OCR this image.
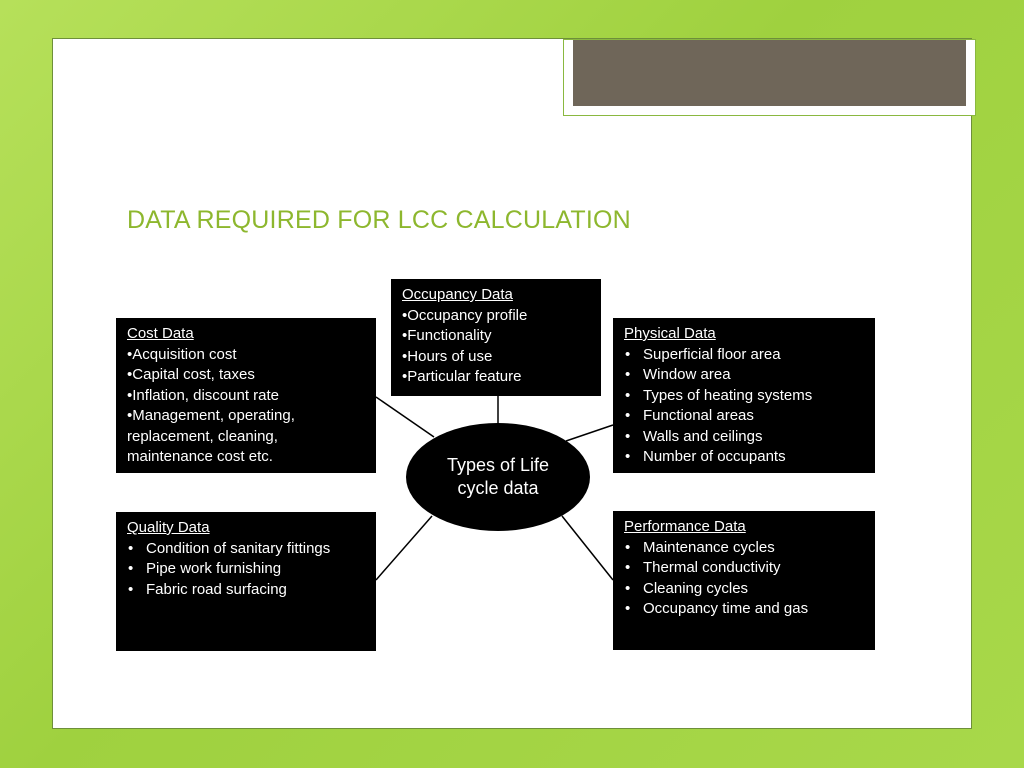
DATA REQUIRED FOR LCC CALCULATION
Occupancy Data
• Occupancy profile
• Functionality
• Hours of use
• Particular feature
Cost Data
• Acquisition cost
• Capital cost, taxes
• Inflation, discount rate
• Management, operating, replacement, cleaning, maintenance cost etc.
Physical Data
• Superficial floor area
• Window area
• Types of heating systems
• Functional areas
• Walls and ceilings
• Number of occupants
Types of Life cycle data
Quality Data
• Condition of sanitary fittings
• Pipe work furnishing
• Fabric road surfacing
Performance Data
• Maintenance cycles
• Thermal conductivity
• Cleaning cycles
• Occupancy time and gas
